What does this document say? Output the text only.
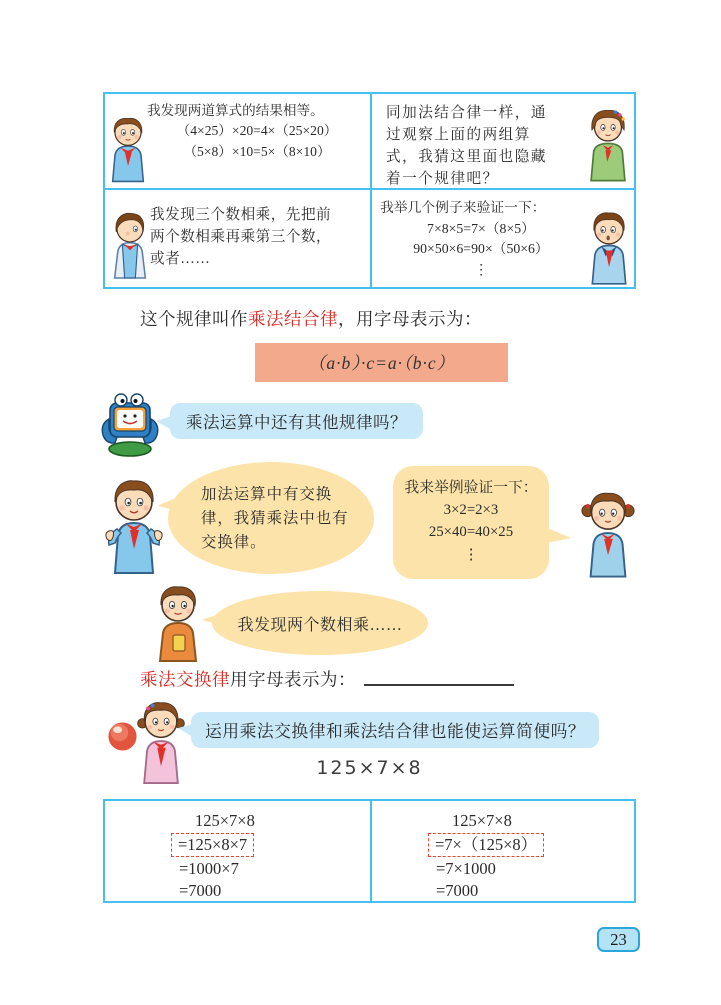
我发现两道算式的结果相等。
（4×25）×20=4×（25×20）
（5×8）×10=5×（8×10）
同加法结合律一样，通
过观察上面的两组算
式，我猜这里面也隐藏
着一个规律吧？
我发现三个数相乘，先把前
两个数相乘再乘第三个数，
或者……
我举几个例子来验证一下：
7×8×5=7×（8×5）
90×50×6=90×（50×6）
⋮
这个规律叫作乘法结合律，用字母表示为：
（a·b）·c=a·（b·c）
乘法运算中还有其他规律吗？
加法运算中有交换
律，我猜乘法中也有
交换律。
我来举例验证一下：
3×2=2×3
25×40=40×25
⋮
我发现两个数相乘……
乘法交换律用字母表示为：
运用乘法交换律和乘法结合律也能使运算简便吗？
125×7×8
125×7×8
=125×8×7
=1000×7
=7000
125×7×8
=7×（125×8）
=7×1000
=7000
23
